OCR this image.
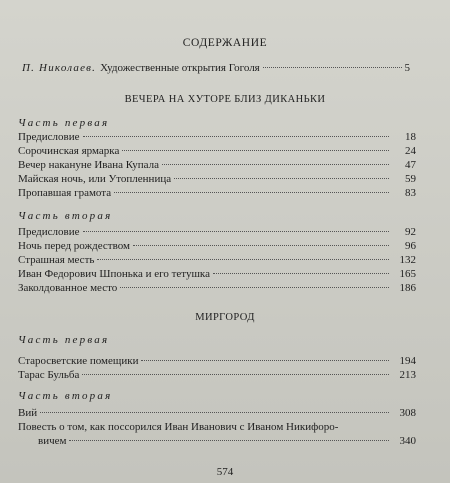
СОДЕРЖАНИЕ
П. Николаев. Художественные открытия Гоголя	5
ВЕЧЕРА НА ХУТОРЕ БЛИЗ ДИКАНЬКИ
Часть первая
Предисловие	18
Сорочинская ярмарка	24
Вечер накануне Ивана Купала	47
Майская ночь, или Утопленница	59
Пропавшая грамота	83
Часть вторая
Предисловие	92
Ночь перед рождеством	96
Страшная месть	132
Иван Федорович Шпонька и его тетушка	165
Заколдованное место	186
МИРГОРОД
Часть первая
Старосветские помещики	194
Тарас Бульба	213
Часть вторая
Вий	308
Повесть о том, как поссорился Иван Иванович с Иваном Никифоро-
вичем	340
574
